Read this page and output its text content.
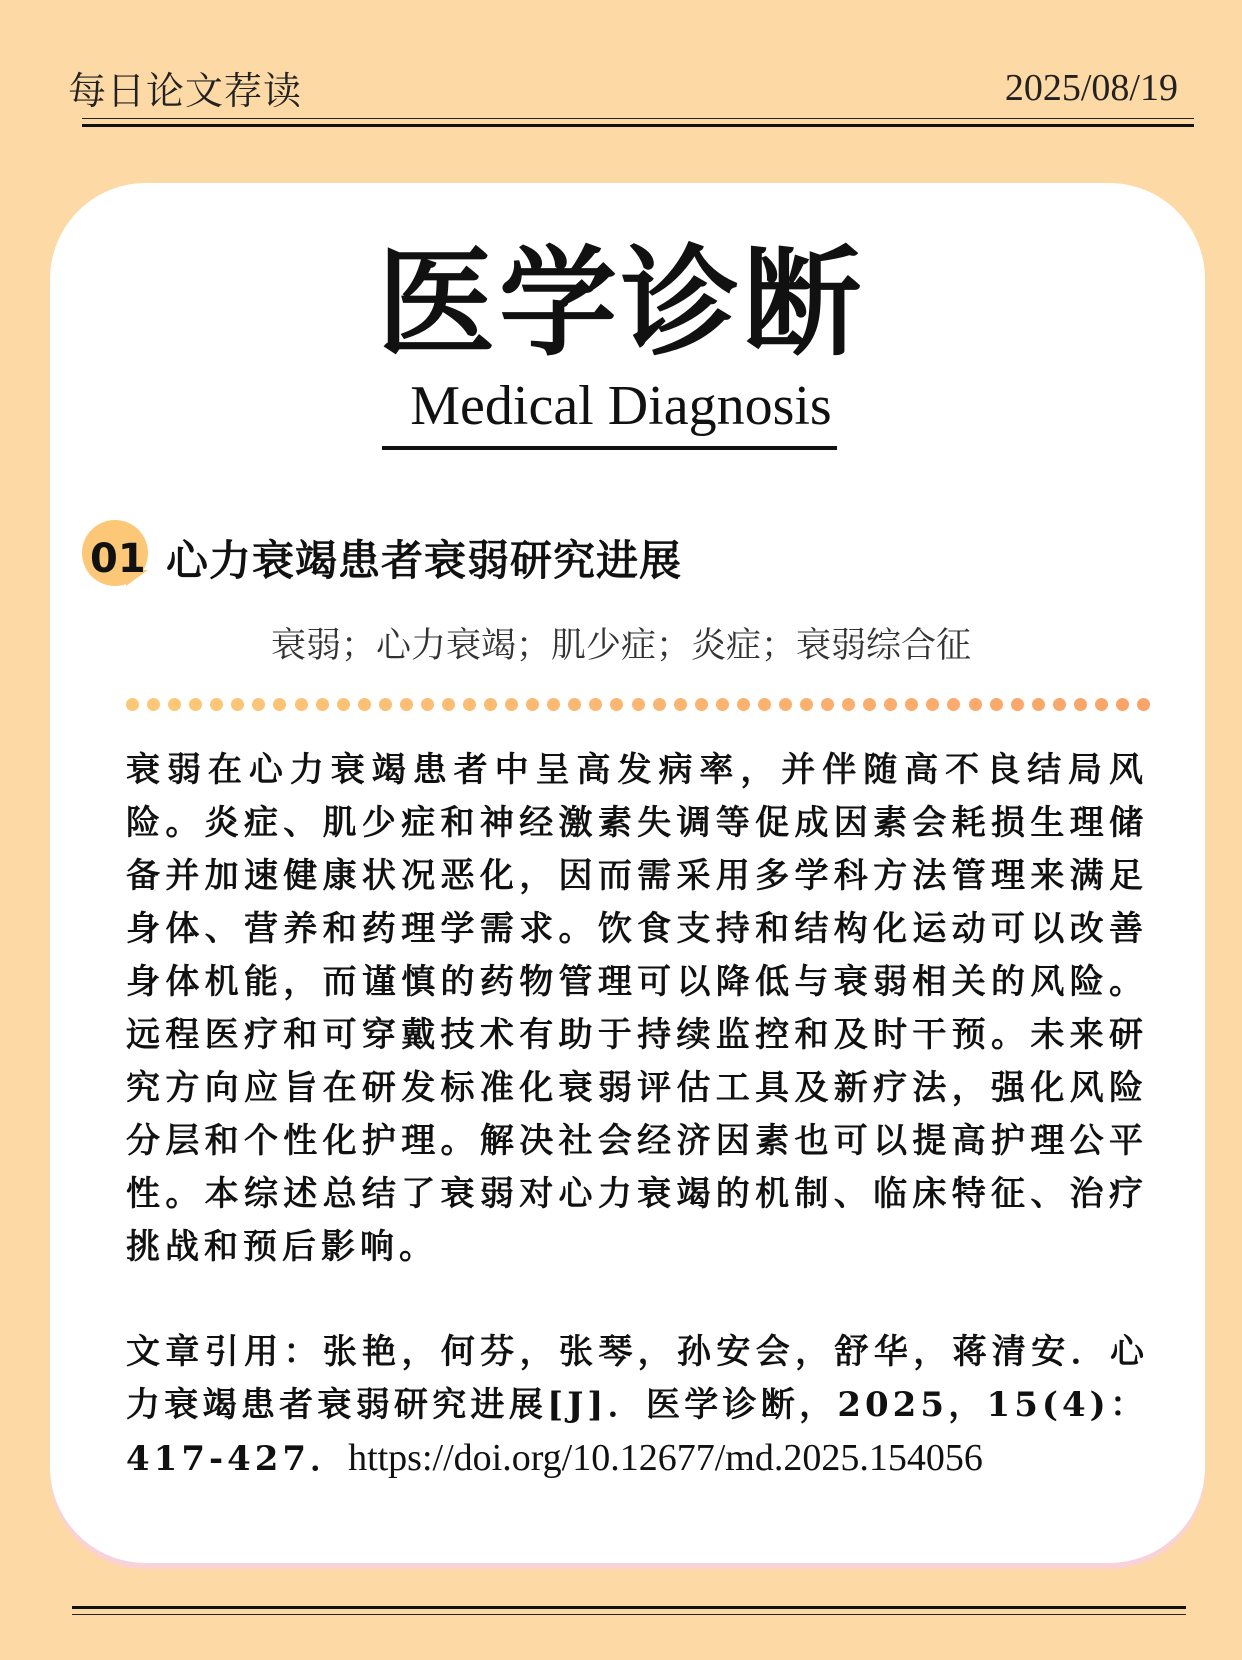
每日论文荐读	2025/08/19
医学诊断
Medical Diagnosis
01 心力衰竭患者衰弱研究进展
衰弱；心力衰竭；肌少症；炎症；衰弱综合征
衰弱在心力衰竭患者中呈高发病率，并伴随高不良结局风险。炎症、肌少症和神经激素失调等促成因素会耗损生理储备并加速健康状况恶化，因而需采用多学科方法管理来满足身体、营养和药理学需求。饮食支持和结构化运动可以改善身体机能，而谨慎的药物管理可以降低与衰弱相关的风险。远程医疗和可穿戴技术有助于持续监控和及时干预。未来研究方向应旨在研发标准化衰弱评估工具及新疗法，强化风险分层和个性化护理。解决社会经济因素也可以提高护理公平性。本综述总结了衰弱对心力衰竭的机制、临床特征、治疗挑战和预后影响。
文章引用：张艳，何芬，张琴，孙安会，舒华，蒋清安．心力衰竭患者衰弱研究进展[J]．医学诊断，2025，15(4)：417-427．https://doi.org/10.12677/md.2025.154056
